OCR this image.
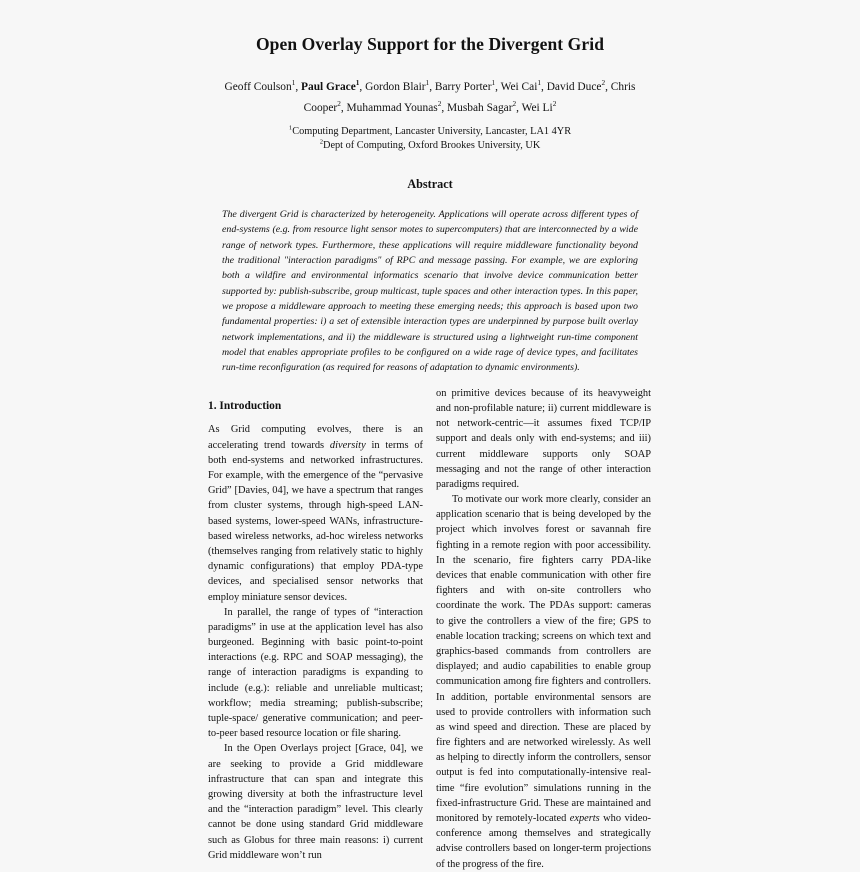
Open Overlay Support for the Divergent Grid
Geoff Coulson$^1$, Paul Grace$^1$, Gordon Blair$^1$, Barry Porter$^1$, Wei Cai$^1$, David Duce$^2$, Chris
Cooper$^2$, Muhammad Younas$^2$, Musbah Sagar$^2$, Wei Li$^2$
$^1$Computing Department, Lancaster University, Lancaster, LA1 4YR
$^2$Dept of Computing, Oxford Brookes University, UK
Abstract

The divergent Grid is characterized by heterogeneity. Applications will operate across different types of end-systems (e.g. from resource light sensor motes to supercomputers) that are interconnected by a wide range of network types. Furthermore, these applications will require middleware functionality beyond the traditional "interaction paradigms" of RPC and message passing. For example, we are exploring both a wildfire and environmental informatics scenario that involve device communication better supported by: publish-subscribe, group multicast, tuple spaces and other interaction types. In this paper, we propose a middleware approach to meeting these emerging needs; this approach is based upon two fundamental properties: i) a set of extensible interaction types are underpinned by purpose built overlay network implementations, and ii) the middleware is structured using a lightweight run-time component model that enables appropriate profiles to be configured on a wide rage of device types, and facilitates run-time reconfiguration (as required for reasons of adaptation to dynamic environments).

1. Introduction

As Grid computing evolves, there is an accelerating trend towards diversity in terms of both end-systems and networked infrastructures. For example, with the emergence of the “pervasive Grid” [Davies, 04], we have a spectrum that ranges from cluster systems, through high-speed LAN-based systems, lower-speed WANs, infrastructure-based wireless networks, ad-hoc wireless networks (themselves ranging from relatively static to highly dynamic configurations) that employ PDA-type devices, and specialised sensor networks that employ miniature sensor devices.

In parallel, the range of types of “interaction paradigms” in use at the application level has also burgeoned. Beginning with basic point-to-point interactions (e.g. RPC and SOAP messaging), the range of interaction paradigms is expanding to include (e.g.): reliable and unreliable multicast; workflow; media streaming; publish-subscribe; tuple-space/ generative communication; and peer-to-peer based resource location or file sharing.

In the Open Overlays project [Grace, 04], we are seeking to provide a Grid middleware infrastructure that can span and integrate this growing diversity at both the infrastructure level and the “interaction paradigm” level. This clearly cannot be done using standard Grid middleware such as Globus for three main reasons: i) current Grid middleware won’t run

on primitive devices because of its heavyweight and non-profilable nature; ii) current middleware is not network-centric—it assumes fixed TCP/IP support and deals only with end-systems; and iii) current middleware supports only SOAP messaging and not the range of other interaction paradigms required.

To motivate our work more clearly, consider an application scenario that is being developed by the project which involves forest or savannah fire fighting in a remote region with poor accessibility. In the scenario, fire fighters carry PDA-like devices that enable communication with other fire fighters and with on-site controllers who coordinate the work. The PDAs support: cameras to give the controllers a view of the fire; GPS to enable location tracking; screens on which text and graphics-based commands from controllers are displayed; and audio capabilities to enable group communication among fire fighters and controllers. In addition, portable environmental sensors are used to provide controllers with information such as wind speed and direction. These are placed by fire fighters and are networked wirelessly. As well as helping to directly inform the controllers, sensor output is fed into computationally-intensive real-time “fire evolution” simulations running in the fixed-infrastructure Grid. These are maintained and monitored by remotely-located experts who video-conference among themselves and strategically advise controllers based on longer-term projections of the progress of the fire.
